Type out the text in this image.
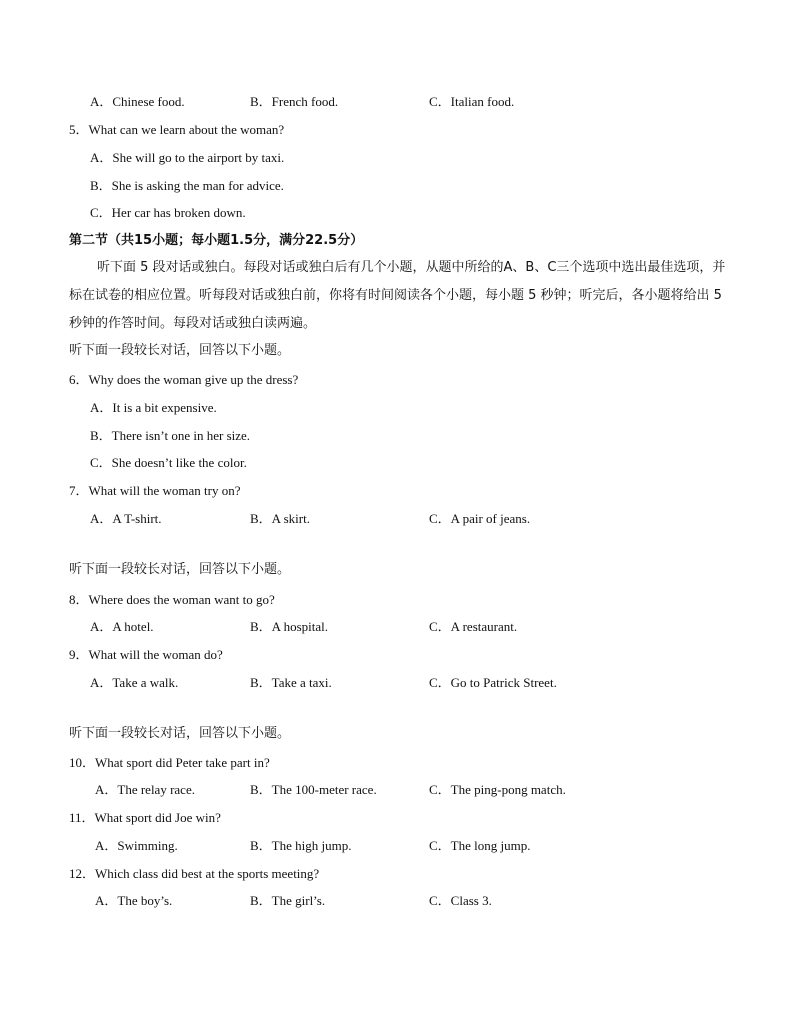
A．Chinese food.	B．French food.	C．Italian food.
5．What can we learn about the woman?
A．She will go to the airport by taxi.
B．She is asking the man for advice.
C．Her car has broken down.
第二节（共15小题；每小题1.5分，满分22.5分）
听下面 5 段对话或独白。每段对话或独白后有几个小题，从题中所给的A、B、C三个选项中选出最佳选项，并标在试卷的相应位置。听每段对话或独白前，你将有时间阅读各个小题，每小题 5 秒钟；听完后，各小题将给出 5 秒钟的作答时间。每段对话或独白读两遍。
听下面一段较长对话，回答以下小题。
6．Why does the woman give up the dress?
A．It is a bit expensive.
B．There isn’t one in her size.
C．She doesn’t like the color.
7．What will the woman try on?
A．A T-shirt.	B．A skirt.	C．A pair of jeans.
听下面一段较长对话，回答以下小题。
8．Where does the woman want to go?
A．A hotel.	B．A hospital.	C．A restaurant.
9．What will the woman do?
A．Take a walk.	B．Take a taxi.	C．Go to Patrick Street.
听下面一段较长对话，回答以下小题。
10．What sport did Peter take part in?
A．The relay race.	B．The 100-meter race.	C．The ping-pong match.
11．What sport did Joe win?
A．Swimming.	B．The high jump.	C．The long jump.
12．Which class did best at the sports meeting?
A．The boy’s.	B．The girl’s.	C．Class 3.
